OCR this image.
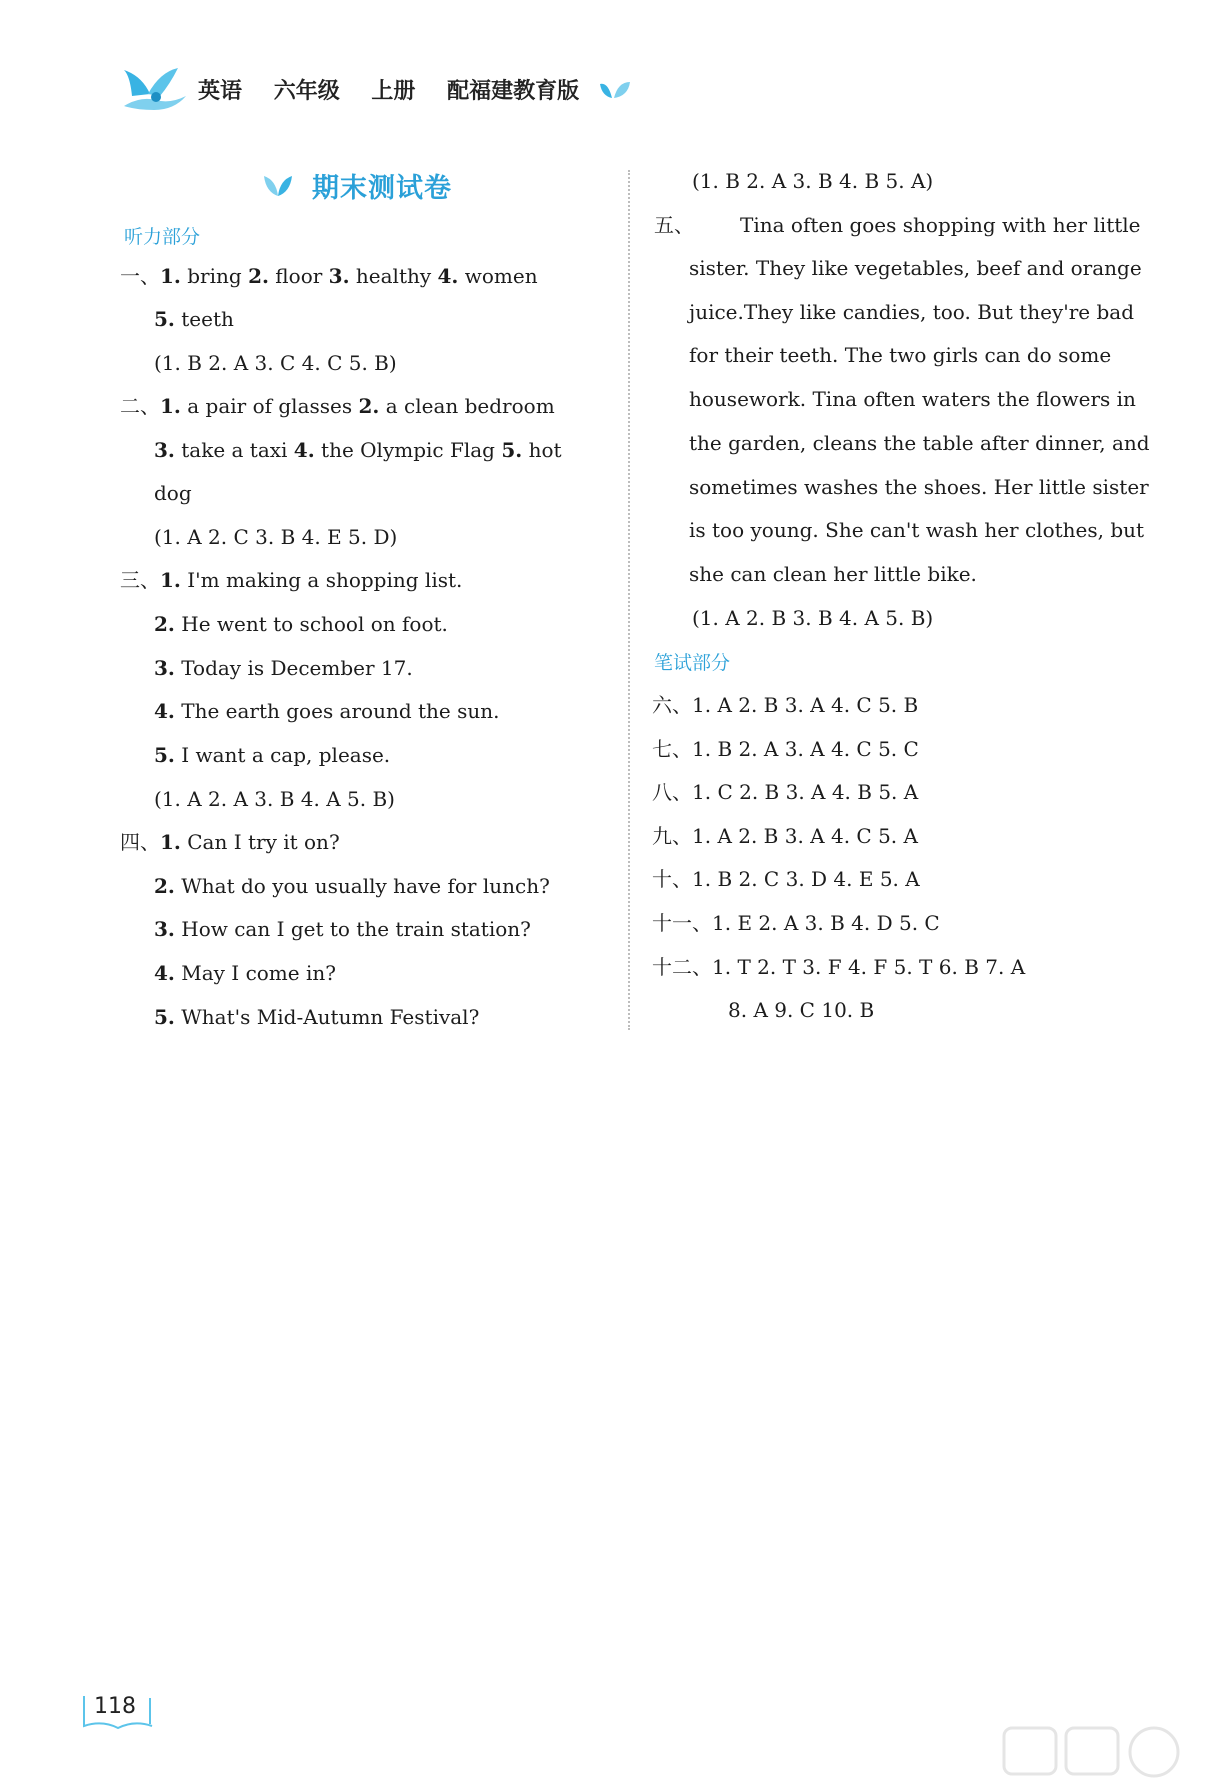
英语 六年级 上册 配福建教育版
期末测试卷
听力部分
一、1. bring 2. floor 3. healthy 4. women
5. teeth
(1. B 2. A 3. C 4. C 5. B)
二、1. a pair of glasses 2. a clean bedroom
3. take a taxi 4. the Olympic Flag 5. hot
dog
(1. A 2. C 3. B 4. E 5. D)
三、1. I'm making a shopping list.
2. He went to school on foot.
3. Today is December 17.
4. The earth goes around the sun.
5. I want a cap, please.
(1. A 2. A 3. B 4. A 5. B)
四、1. Can I try it on?
2. What do you usually have for lunch?
3. How can I get to the train station?
4. May I come in?
5. What's Mid-Autumn Festival?
(1. B 2. A 3. B 4. B 5. A)
五、 Tina often goes shopping with her little
sister. They like vegetables, beef and orange
juice.They like candies, too. But they're bad
for their teeth. The two girls can do some
housework. Tina often waters the flowers in
the garden, cleans the table after dinner, and
sometimes washes the shoes. Her little sister
is too young. She can't wash her clothes, but
she can clean her little bike.
(1. A 2. B 3. B 4. A 5. B)
笔试部分
六、1. A 2. B 3. A 4. C 5. B
七、1. B 2. A 3. A 4. C 5. C
八、1. C 2. B 3. A 4. B 5. A
九、1. A 2. B 3. A 4. C 5. A
十、1. B 2. C 3. D 4. E 5. A
十一、1. E 2. A 3. B 4. D 5. C
十二、1. T 2. T 3. F 4. F 5. T 6. B 7. A
8. A 9. C 10. B
118
